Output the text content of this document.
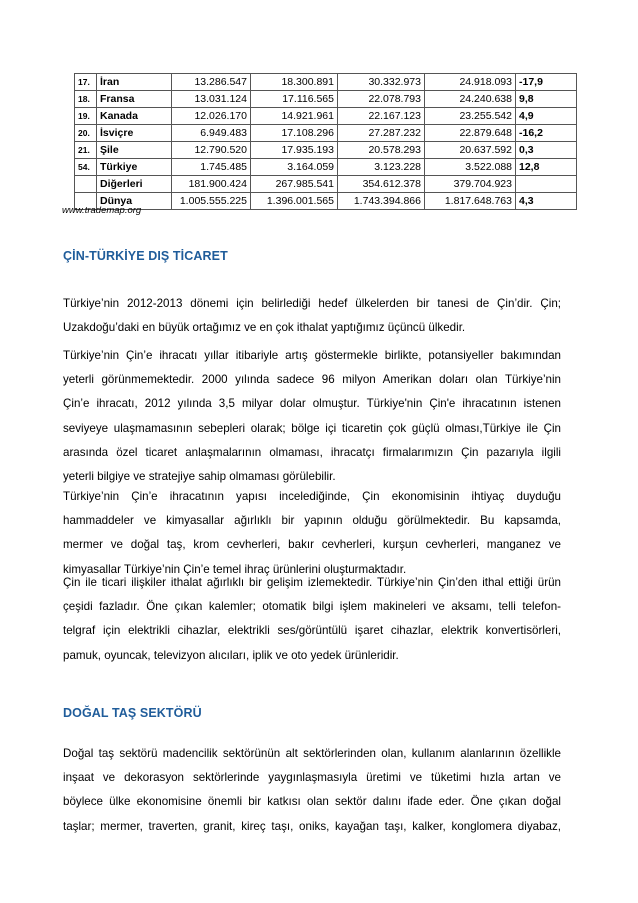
17.	İran	13.286.547	18.300.891	30.332.973	24.918.093	-17,9
18.	Fransa	13.031.124	17.116.565	22.078.793	24.240.638	9,8
19.	Kanada	12.026.170	14.921.961	22.167.123	23.255.542	4,9
20.	İsviçre	6.949.483	17.108.296	27.287.232	22.879.648	-16,2
21.	Şile	12.790.520	17.935.193	20.578.293	20.637.592	0,3
54.	Türkiye	1.745.485	3.164.059	3.123.228	3.522.088	12,8
	Diğerleri	181.900.424	267.985.541	354.612.378	379.704.923	
	Dünya	1.005.555.225	1.396.001.565	1.743.394.866	1.817.648.763	4,3
www.trademap.org
ÇİN-TÜRKİYE DIŞ TİCARET
Türkiye’nin 2012-2013 dönemi için belirlediği hedef ülkelerden bir tanesi de Çin’dir. Çin;
Uzakdoğu’daki en büyük ortağımız ve en çok ithalat yaptığımız üçüncü ülkedir.
Türkiye’nin Çin’e ihracatı yıllar itibariyle artış göstermekle birlikte, potansiyeller bakımından
yeterli görünmemektedir. 2000 yılında sadece 96 milyon Amerikan doları olan Türkiye’nin
Çin’e ihracatı, 2012 yılında 3,5 milyar dolar olmuştur. Türkiye'nin Çin'e ihracatının istenen
seviyeye ulaşmamasının sebepleri olarak; bölge içi ticaretin çok güçlü olması,Türkiye ile Çin
arasında özel ticaret anlaşmalarının olmaması, ihracatçı firmalarımızın Çin pazarıyla ilgili
yeterli bilgiye ve stratejiye sahip olmaması görülebilir.
Türkiye’nin Çin’e ihracatının yapısı incelediğinde, Çin ekonomisinin ihtiyaç duyduğu
hammaddeler ve kimyasallar ağırlıklı bir yapının olduğu görülmektedir. Bu kapsamda,
mermer ve doğal taş, krom cevherleri, bakır cevherleri, kurşun cevherleri, manganez ve
kimyasallar Türkiye’nin Çin’e temel ihraç ürünlerini oluşturmaktadır.
Çin ile ticari ilişkiler ithalat ağırlıklı bir gelişim izlemektedir. Türkiye’nin Çin’den ithal ettiği ürün
çeşidi fazladır. Öne çıkan kalemler; otomatik bilgi işlem makineleri ve aksamı, telli telefon-
telgraf için elektrikli cihazlar, elektrikli ses/görüntülü işaret cihazlar, elektrik konvertisörleri,
pamuk, oyuncak, televizyon alıcıları, iplik ve oto yedek ürünleridir.
DOĞAL TAŞ SEKTÖRÜ
Doğal taş sektörü madencilik sektörünün alt sektörlerinden olan, kullanım alanlarının özellikle
inşaat ve dekorasyon sektörlerinde yaygınlaşmasıyla üretimi ve tüketimi hızla artan ve
böylece ülke ekonomisine önemli bir katkısı olan sektör dalını ifade eder. Öne çıkan doğal
taşlar; mermer, traverten, granit, kireç taşı, oniks, kayağan taşı, kalker, konglomera diyabaz,
